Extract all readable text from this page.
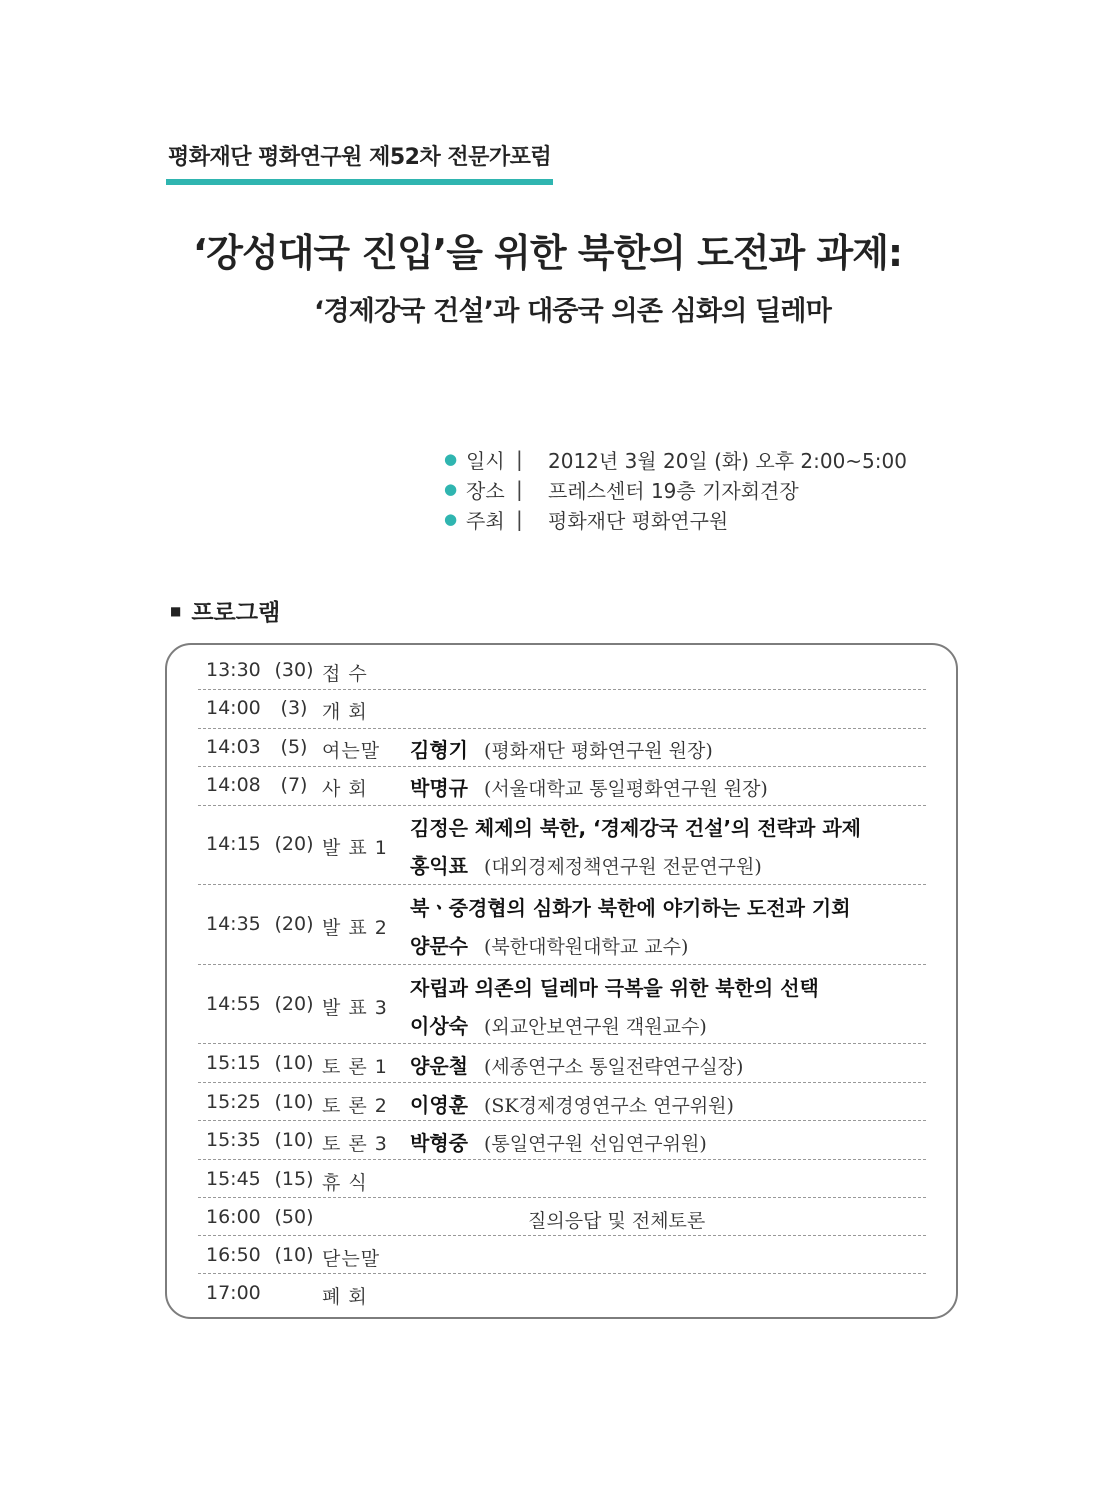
평화재단 평화연구원 제52차 전문가포럼
‘강성대국 진입’을 위한 북한의 도전과 과제:
‘경제강국 건설’과 대중국 의존 심화의 딜레마
● 일시 |	2012년 3월 20일 (화) 오후 2:00~5:00
● 장소 |	프레스센터 19층 기자회견장
● 주최 |	평화재단 평화연구원
■ 프로그램
13:30 (30) 접 수
14:00	(3) 개 회
14:03	(5) 여는말	김형기 (평화재단 평화연구원 원장)
14:08	(7) 사 회	박명규 (서울대학교 통일평화연구원 원장)
14:15 (20) 발 표 1
김정은 체제의 북한, ‘경제강국 건설’의 전략과 과제
홍익표 (대외경제정책연구원 전문연구원)
14:35 (20) 발 표 2
북ㆍ중경협의 심화가 북한에 야기하는 도전과 기회
양문수 (북한대학원대학교 교수)
14:55 (20) 발 표 3
자립과 의존의 딜레마 극복을 위한 북한의 선택
이상숙 (외교안보연구원 객원교수)
15:15 (10) 토 론 1 양운철 (세종연구소 통일전략연구실장)
15:25 (10) 토 론 2 이영훈 (SK경제경영연구소 연구위원)
15:35 (10) 토 론 3 박형중 (통일연구원 선임연구위원)
15:45 (15) 휴 식
16:00 (50)	질의응답 및 전체토론
16:50 (10) 닫는말
17:00	폐 회
